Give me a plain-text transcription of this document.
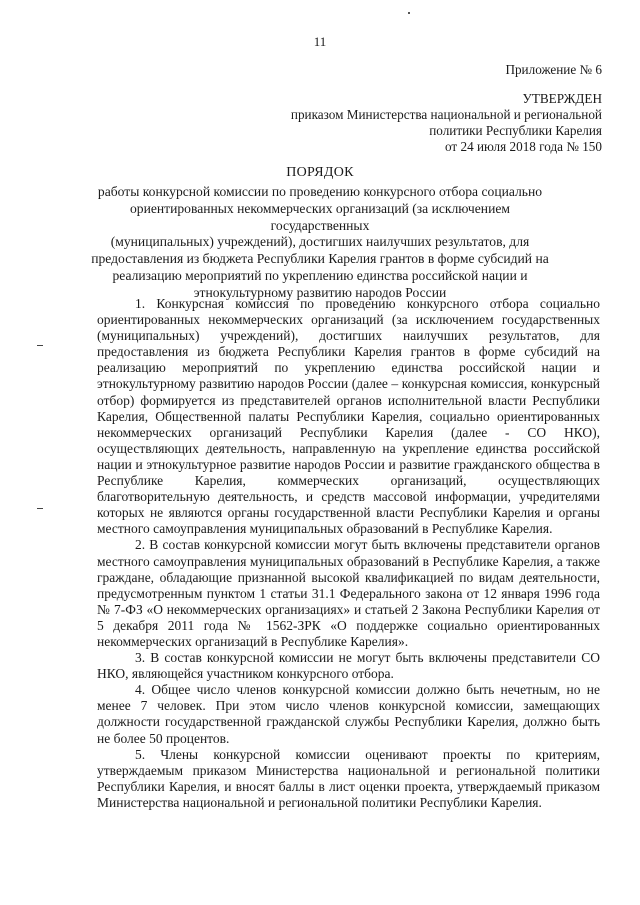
11
Приложение № 6
УТВЕРЖДЕН
приказом Министерства национальной и региональной
политики Республики Карелия
от 24 июля 2018 года № 150
ПОРЯДОК
работы конкурсной комиссии по проведению конкурсного отбора социально
ориентированных некоммерческих организаций (за исключением государственных
(муниципальных) учреждений), достигших наилучших результатов, для
предоставления из бюджета Республики Карелия грантов в форме субсидий на
реализацию мероприятий по укреплению единства российской нации и
этнокультурному развитию народов России

1. Конкурсная комиссия по проведению конкурсного отбора социально ориентированных некоммерческих организаций (за исключением государственных (муниципальных) учреждений), достигших наилучших результатов, для предоставления из бюджета Республики Карелия грантов в форме субсидий на реализацию мероприятий по укреплению единства российской нации и этнокультурному развитию народов России (далее – конкурсная комиссия, конкурсный отбор) формируется из представителей органов исполнительной власти Республики Карелия, Общественной палаты Республики Карелия, социально ориентированных некоммерческих организаций Республики Карелия (далее - СО НКО), осуществляющих деятельность, направленную на укрепление единства российской нации и этнокультурное развитие народов России и развитие гражданского общества в Республике Карелия, коммерческих организаций, осуществляющих благотворительную деятельность, и средств массовой информации, учредителями которых не являются органы государственной власти Республики Карелия и органы местного самоуправления муниципальных образований в Республике Карелия.

2. В состав конкурсной комиссии могут быть включены представители органов местного самоуправления муниципальных образований в Республике Карелия, а также граждане, обладающие признанной высокой квалификацией по видам деятельности, предусмотренным пунктом 1 статьи 31.1 Федерального закона от 12 января 1996 года № 7-ФЗ «О некоммерческих организациях» и статьей 2 Закона Республики Карелия от 5 декабря 2011 года № 1562-ЗРК «О поддержке социально ориентированных некоммерческих организаций в Республике Карелия».

3. В состав конкурсной комиссии не могут быть включены представители СО НКО, являющейся участником конкурсного отбора.

4. Общее число членов конкурсной комиссии должно быть нечетным, но не менее 7 человек. При этом число членов конкурсной комиссии, замещающих должности государственной гражданской службы Республики Карелия, должно быть не более 50 процентов.

5. Члены конкурсной комиссии оценивают проекты по критериям, утверждаемым приказом Министерства национальной и региональной политики Республики Карелия, и вносят баллы в лист оценки проекта, утверждаемый приказом Министерства национальной и региональной политики Республики Карелия.
